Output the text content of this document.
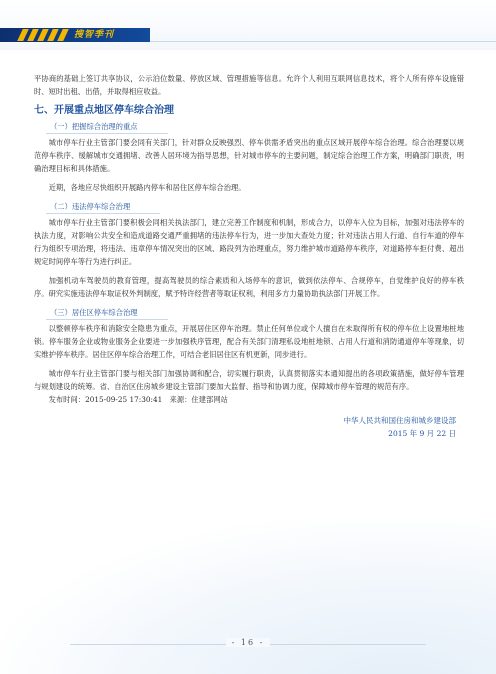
搜智季刊

平协商的基础上签订共享协议，公示泊位数量、停放区域、管理措施等信息。允许个人利用互联网信息技术，将个人所有停车设施错时、短时出租、出借，并取得相应收益。

七、开展重点地区停车综合治理
（一）把握综合治理的重点

城市停车行业主管部门要会同有关部门，针对群众反映强烈、停车供需矛盾突出的重点区域开展停车综合治理。综合治理要以规范停车秩序、缓解城市交通拥堵、改善人居环境为指导思想，针对城市停车的主要问题，制定综合治理工作方案，明确部门职责，明确治理目标和具体措施。

近期，各地应尽快组织开展路内停车和居住区停车综合治理。

（二）违法停车综合治理

城市停车行业主管部门要积极会同相关执法部门，建立完善工作制度和机制，形成合力，以停车入位为目标，加强对违法停车的执法力度，对影响公共安全和造成道路交通严重拥堵的违法停车行为，进一步加大查处力度；针对违法占用人行道、自行车道的停车行为组织专项治理，将违法、违章停车情况突出的区域、路段列为治理重点，努力维护城市道路停车秩序，对道路停车拒付费、超出规定时间停车等行为进行纠正。

加强机动车驾驶员的教育管理，提高驾驶员的综合素质和入场停车的意识，做到依法停车、合规停车，自觉维护良好的停车秩序。研究实施违法停车取证权外判制度，赋予特许经营者等取证权利，利用多方力量协助执法部门开展工作。

（三）居住区停车综合治理

以整顿停车秩序和消除安全隐患为重点，开展居住区停车治理。禁止任何单位或个人擅自在未取得所有权的停车位上设置地桩地锁。停车服务企业或物业服务企业要进一步加强秩序管理，配合有关部门清理私设地桩地锁、占用人行道和消防通道停车等现象，切实维护停车秩序。居住区停车综合治理工作，可结合老旧居住区有机更新，同步进行。

城市停车行业主管部门要与相关部门加强协调和配合，切实履行职责，认真贯彻落实本通知提出的各项政策措施，做好停车管理与规划建设的统筹。省、自治区住房城乡建设主管部门要加大监督、指导和协调力度，保障城市停车管理的规范有序。

发布时间：2015-09-25 17:30:41　来源：住建部网站

中华人民共和国住房和城乡建设部
2015 年 9 月 22 日
- 16 -
